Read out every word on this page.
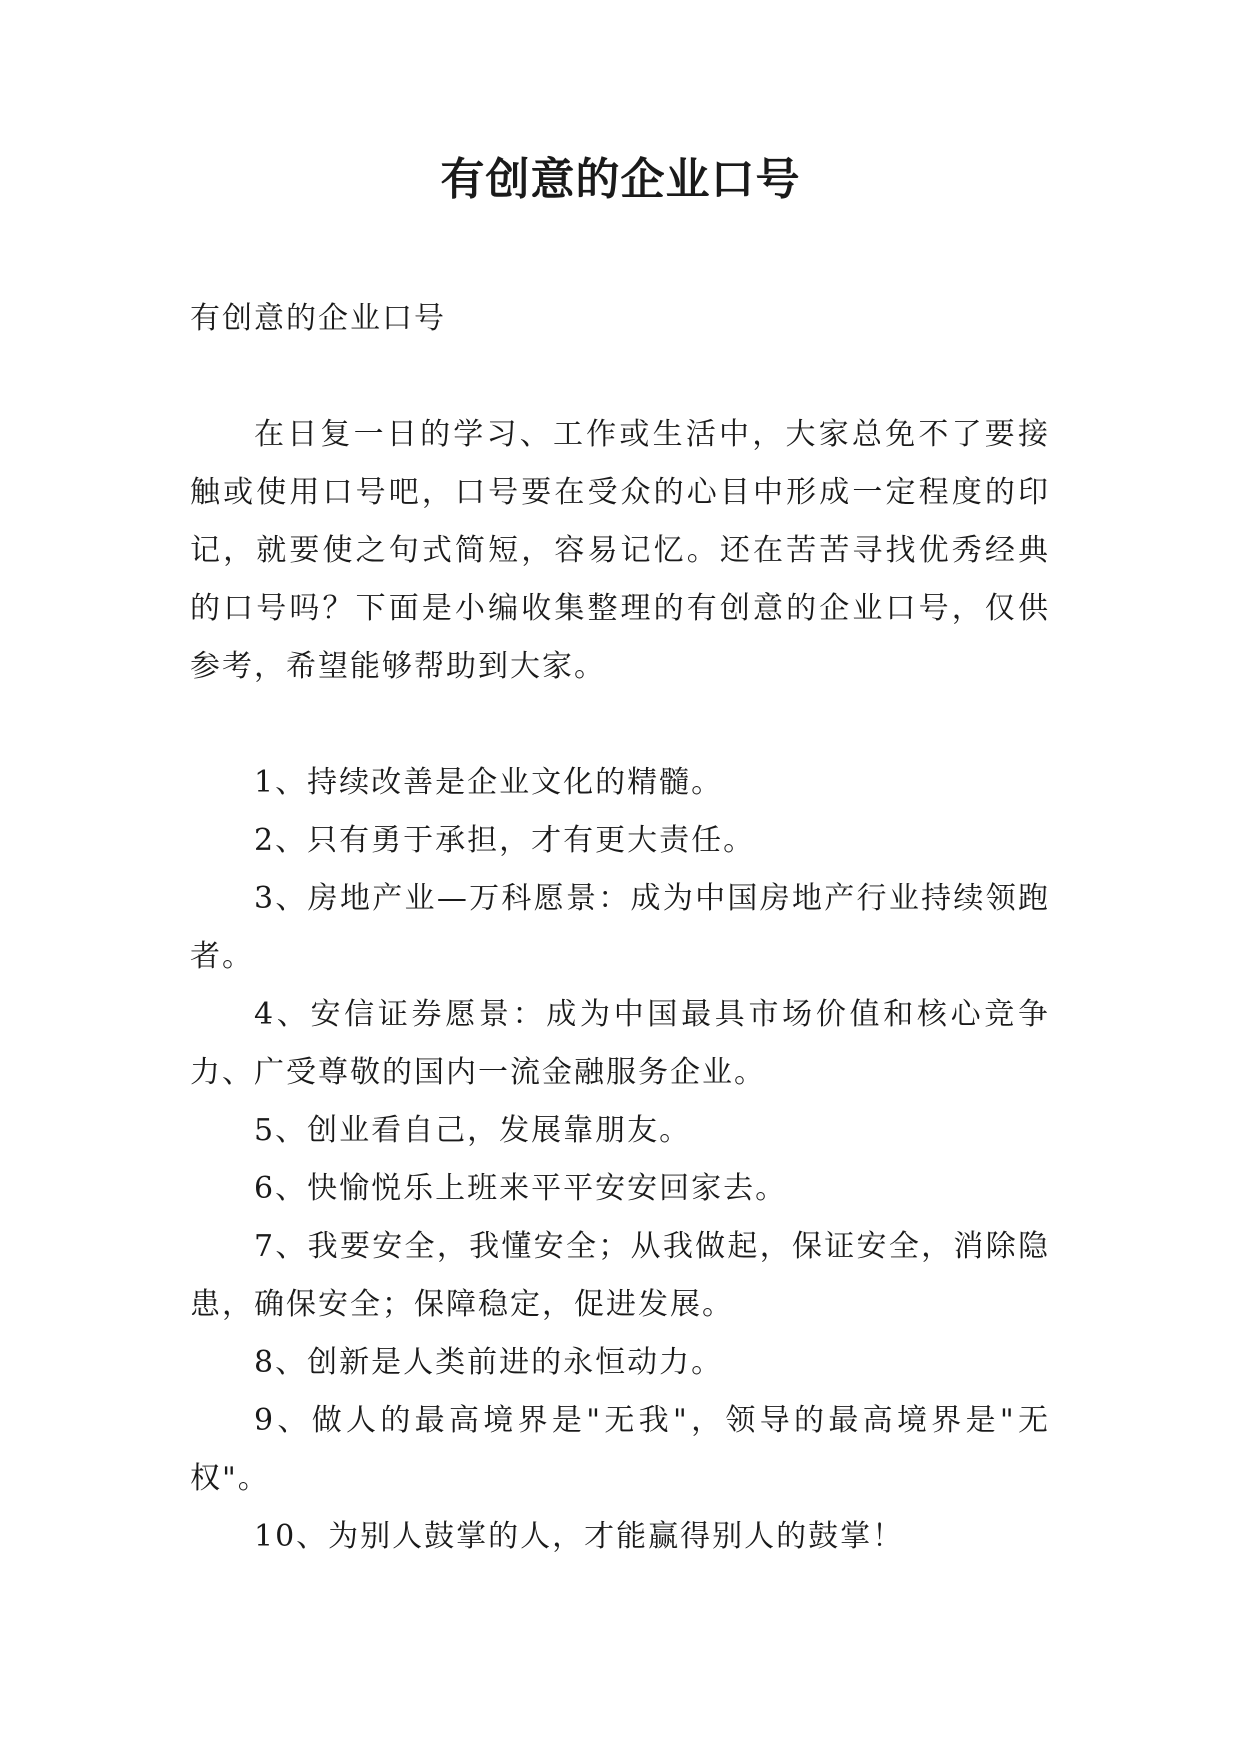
有创意的企业口号

有创意的企业口号

在日复一日的学习、工作或生活中，大家总免不了要接触或使用口号吧，口号要在受众的心目中形成一定程度的印记，就要使之句式简短，容易记忆。还在苦苦寻找优秀经典的口号吗？下面是小编收集整理的有创意的企业口号，仅供参考，希望能够帮助到大家。

1、持续改善是企业文化的精髓。

2、只有勇于承担，才有更大责任。

3、房地产业—万科愿景：成为中国房地产行业持续领跑者。

4、安信证券愿景：成为中国最具市场价值和核心竞争力、广受尊敬的国内一流金融服务企业。

5、创业看自己，发展靠朋友。

6、快愉悦乐上班来平平安安回家去。

7、我要安全，我懂安全；从我做起，保证安全，消除隐患，确保安全；保障稳定，促进发展。

8、创新是人类前进的永恒动力。

9、做人的最高境界是"无我"，领导的最高境界是"无权"。

10、为别人鼓掌的人，才能赢得别人的鼓掌！
